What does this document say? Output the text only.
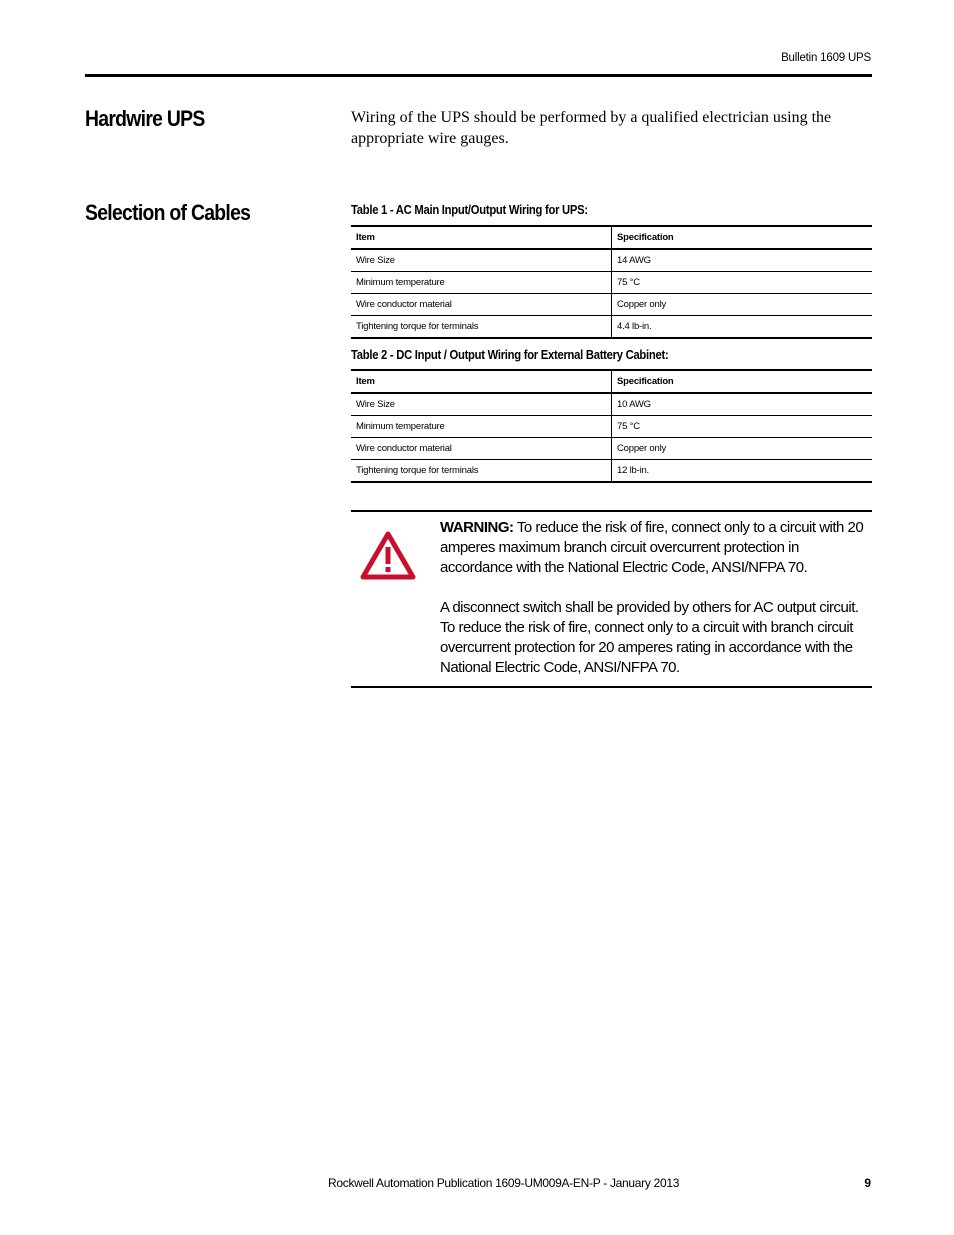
Bulletin 1609 UPS
Hardwire UPS	Wiring of the UPS should be performed by a qualified electrician using the appropriate wire gauges.
Selection of Cables	Table 1 - AC Main Input/Output Wiring for UPS:
Item	Specification
Wire Size	14 AWG
Minimum temperature	75 °C
Wire conductor material	Copper only
Tightening torque for terminals	4.4 lb-in.
Table 2 - DC Input / Output Wiring for External Battery Cabinet:
Item	Specification
Wire Size	10 AWG
Minimum temperature	75 °C
Wire conductor material	Copper only
Tightening torque for terminals	12 lb-in.

WARNING: To reduce the risk of fire, connect only to a circuit with 20 amperes maximum branch circuit overcurrent protection in accordance with the National Electric Code, ANSI/NFPA 70.

A disconnect switch shall be provided by others for AC output circuit.
To reduce the risk of fire, connect only to a circuit with branch circuit overcurrent protection for 20 amperes rating in accordance with the National Electric Code, ANSI/NFPA 70.
Rockwell Automation Publication 1609-UM009A-EN-P - January 2013	9
